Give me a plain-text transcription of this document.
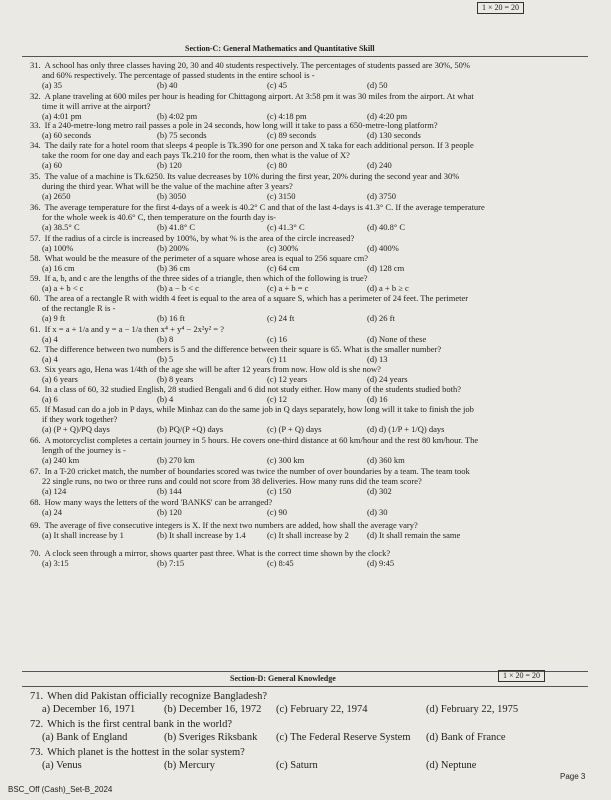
1 × 20 = 20
Section-C: General Mathematics and Quantitative Skill
31. A school has only three classes having 20, 30 and 40 students respectively. The percentages of students passed are 30%, 50%
and 60% respectively. The percentage of passed students in the entire school is -
(a) 35	(b) 40	(c) 45	(d) 50
32. A plane traveling at 600 miles per hour is heading for Chittagong airport. At 3:58 pm it was 30 miles from the airport. At what
time it will arrive at the airport?
(a) 4:01 pm	(b) 4:02 pm	(c) 4:18 pm	(d) 4:20 pm
33. If a 240-metre-long metro rail passes a pole in 24 seconds, how long will it take to pass a 650-metre-long platform?
(a) 60 seconds	(b) 75 seconds	(c) 89 seconds	(d) 130 seconds
34. The daily rate for a hotel room that sleeps 4 people is Tk.390 for one person and X taka for each additional person. If 3 people
take the room for one day and each pays Tk.210 for the room, then what is the value of X?
(a) 60	(b) 120	(c) 80	(d) 240
35. The value of a machine is Tk.6250. Its value decreases by 10% during the first year, 20% during the second year and 30%
during the third year. What will be the value of the machine after 3 years?
(a) 2650	(b) 3050	(c) 3150	(d) 3750
36. The average temperature for the first 4-days of a week is 40.2° C and that of the last 4-days is 41.3° C. If the average temperature
for the whole week is 40.6° C, then temperature on the fourth day is-
(a) 38.5° C	(b) 41.8° C	(c) 41.3° C	(d) 40.8° C
57. If the radius of a circle is increased by 100%, by what % is the area of the circle increased?
(a) 100%	(b) 200%	(c) 300%	(d) 400%
58. What would be the measure of the perimeter of a square whose area is equal to 256 square cm?
(a) 16 cm	(b) 36 cm	(c) 64 cm	(d) 128 cm
59. If a, b, and c are the lengths of the three sides of a triangle, then which of the following is true?
(a) a + b < c	(b) a − b < c	(c) a + b = c	(d) a + b ≥ c
60. The area of a rectangle R with width 4 feet is equal to the area of a square S, which has a perimeter of 24 feet. The perimeter
of the rectangle R is -
(a) 9 ft	(b) 16 ft	(c) 24 ft	(d) 26 ft
61. If x = a + 1/a and y = a − 1/a then x⁴ + y⁴ − 2x²y² = ?
(a) 4	(b) 8	(c) 16	(d) None of these
62. The difference between two numbers is 5 and the difference between their square is 65. What is the smaller number?
(a) 4	(b) 5	(c) 11	(d) 13
63. Six years ago, Hena was 1/4th of the age she will be after 12 years from now. How old is she now?
(a) 6 years	(b) 8 years	(c) 12 years	(d) 24 years
64. In a class of 60, 32 studied English, 28 studied Bengali and 6 did not study either. How many of the students studied both?
(a) 6	(b) 4	(c) 12	(d) 16
65. If Masud can do a job in P days, while Minhaz can do the same job in Q days separately, how long will it take to finish the job
if they work together?
(a) (P + Q)/PQ days	(b) PQ/(P +Q) days	(c) (P + Q) days	(d) d) (1/P + 1/Q) days
66. A motorcyclist completes a certain journey in 5 hours. He covers one-third distance at 60 km/hour and the rest 80 km/hour. The
length of the journey is -
(a) 240 km	(b) 270 km	(c) 300 km	(d) 360 km
67. In a T-20 cricket match, the number of boundaries scored was twice the number of over boundaries by a team. The team took
22 single runs, no two or three runs and could not score from 38 deliveries. How many runs did the team score?
(a) 124	(b) 144	(c) 150	(d) 302
68. How many ways the letters of the word 'BANKS' can be arranged?
(a) 24	(b) 120	(c) 90	(d) 30
69. The average of five consecutive integers is X. If the next two numbers are added, how shall the average vary?
(a) It shall increase by 1	(b) It shall increase by 1.4	(c) It shall increase by 2	(d) It shall remain the same
70. A clock seen through a mirror, shows quarter past three. What is the correct time shown by the clock?
(a) 3:15	(b) 7:15	(c) 8:45	(d) 9:45
Section-D: General Knowledge	1 × 20 = 20
71. When did Pakistan officially recognize Bangladesh?
a) December 16, 1971	(b) December 16, 1972	(c) February 22, 1974	(d) February 22, 1975
72. Which is the first central bank in the world?
(a) Bank of England	(b) Sveriges Riksbank	(c) The Federal Reserve System	(d) Bank of France
73. Which planet is the hottest in the solar system?
(a) Venus	(b) Mercury	(c) Saturn	(d) Neptune
BSC_Off (Cash)_Set-B_2024
Page 3
